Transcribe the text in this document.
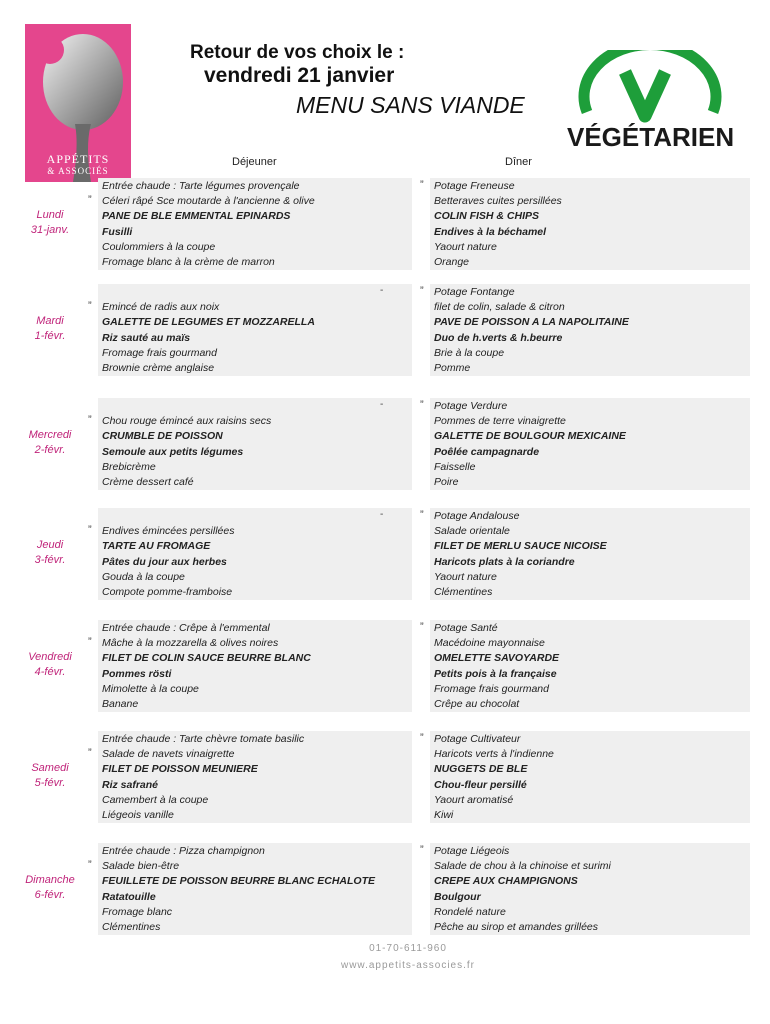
APPÉTITS
& ASSOCIÉS
Retour de vos choix le :
vendredi 21 janvier
MENU SANS VIANDE
VÉGÉTARIEN
Déjeuner	Dîner
Lundi
31-janv.
”
”
Entrée chaude : Tarte légumes provençale
Céleri râpé Sce moutarde à l'ancienne & olive
PANE DE BLE EMMENTAL EPINARDS
Fusilli
Coulommiers à la coupe
Fromage blanc à la crème de marron
Potage Freneuse
Betteraves cuites persillées
COLIN FISH & CHIPS
Endives à la béchamel
Yaourt nature
Orange
Mardi
1-févr.
”
”
-

Emincé de radis aux noix
GALETTE DE LEGUMES ET MOZZARELLA
Riz sauté au maïs
Fromage frais gourmand
Brownie crème anglaise
Potage Fontange
filet de colin, salade & citron
PAVE DE POISSON A LA NAPOLITAINE
Duo de h.verts & h.beurre
Brie à la coupe
Pomme
Mercredi
2-févr.
”
”
-

Chou rouge émincé aux raisins secs
CRUMBLE DE POISSON
Semoule aux petits légumes
Brebicrème
Crème dessert café
Potage Verdure
Pommes de terre vinaigrette
GALETTE DE BOULGOUR MEXICAINE
Poêlée campagnarde
Faisselle
Poire
Jeudi
3-févr.
”
”
-

Endives émincées persillées
TARTE AU FROMAGE
Pâtes du jour aux herbes
Gouda à la coupe
Compote pomme-framboise
Potage Andalouse
Salade orientale
FILET DE MERLU SAUCE NICOISE
Haricots plats à la coriandre
Yaourt nature
Clémentines
Vendredi
4-févr.
”
”
Entrée chaude : Crêpe à l'emmental
Mâche à la mozzarella & olives noires
FILET DE COLIN SAUCE BEURRE BLANC
Pommes rösti
Mimolette à la coupe
Banane
Potage Santé
Macédoine mayonnaise
OMELETTE SAVOYARDE
Petits pois à la française
Fromage frais gourmand
Crêpe au chocolat
Samedi
5-févr.
”
”
Entrée chaude : Tarte chèvre tomate basilic
Salade de navets vinaigrette
FILET DE POISSON MEUNIERE
Riz safrané
Camembert à la coupe
Liégeois vanille
Potage Cultivateur
Haricots verts à l'indienne
NUGGETS DE BLE
Chou-fleur persillé
Yaourt aromatisé
Kiwi
Dimanche
6-févr.
”
”
Entrée chaude : Pizza champignon
Salade bien-être
FEUILLETE DE POISSON BEURRE BLANC ECHALOTE
Ratatouille
Fromage blanc
Clémentines
Potage Liégeois
Salade de chou à la chinoise et surimi
CREPE AUX CHAMPIGNONS
Boulgour
Rondelé nature
Pêche au sirop et amandes grillées
01-70-611-960
www.appetits-associes.fr
